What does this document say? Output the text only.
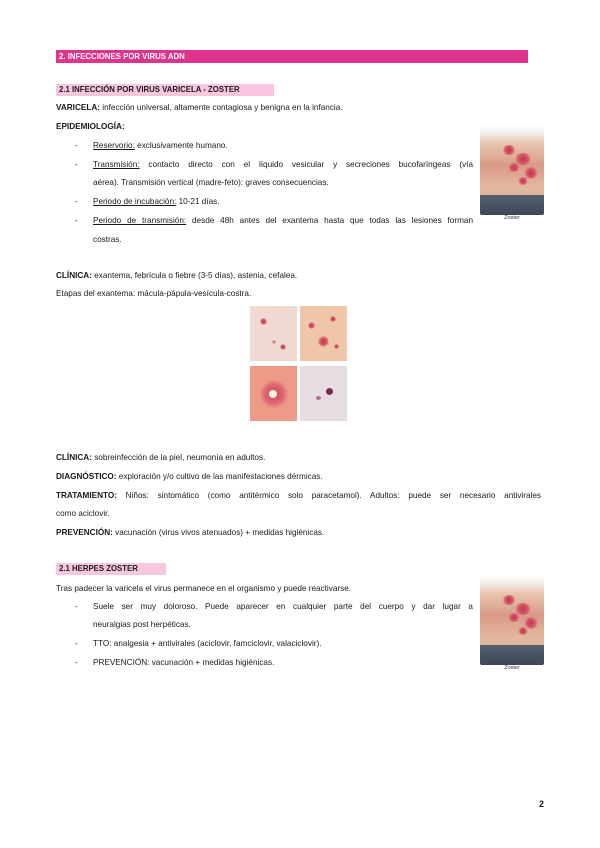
2. INFECCIONES POR VIRUS ADN
2.1 INFECCIÓN POR VIRUS VARICELA - ZOSTER
VARICELA: infección universal, altamente contagiosa y benigna en la infancia.
EPIDEMIOLOGÍA:
- Reservorio: exclusivamente humano.
- Transmisión: contacto directo con el líquido vesicular y secreciones bucofaríngeas (vía
aérea). Transmisión vertical (madre-feto): graves consecuencias.
- Periodo de incubación: 10-21 días.
- Periodo de transmisión: desde 48h antes del exantema hasta que todas las lesiones forman
costras.
Zoster
CLÍNICA: exantema, febrícula o fiebre (3-5 días), astenia, cefalea.
Etapas del exantema: mácula-pápula-vesícula-costra.
CLÍNICA: sobreinfección de la piel, neumonía en adultos.
DIAGNÓSTICO: exploración y/o cultivo de las manifestaciones dérmicas.
TRATAMIENTO: Niños: sintomático (como antitérmico solo paracetamol). Adultos: puede ser necesario antivirales
como aciclovir.
PREVENCIÓN: vacunación (virus vivos atenuados) + medidas higiénicas.
2.1 HERPES ZOSTER
Tras padecer la varicela el virus permanece en el organismo y puede reactivarse.
- Suele ser muy doloroso. Puede aparecer en cualquier parte del cuerpo y dar lugar a
neuralgias post herpéticas.
- TTO: analgesia + antivirales (aciclovir, famciclovir, valaciclovir).
- PREVENCIÓN: vacunación + medidas higiénicas.
Zoster
2
